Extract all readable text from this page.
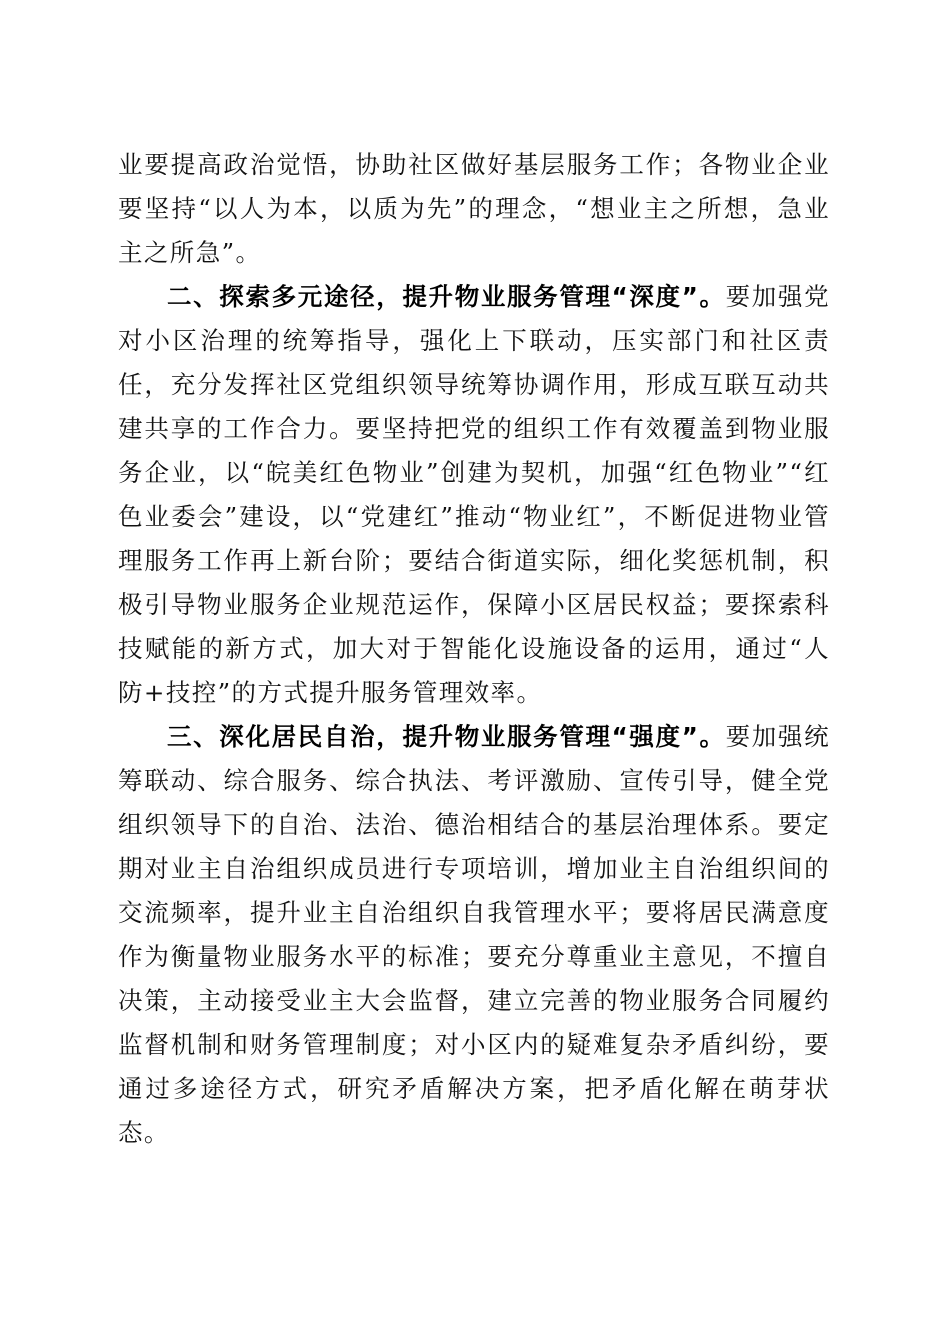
业要提高政治觉悟，协助社区做好基层服务工作；各物业企业要坚持“以人为本，以质为先”的理念，“想业主之所想，急业主之所急”。

二、探索多元途径，提升物业服务管理“深度”。要加强党对小区治理的统筹指导，强化上下联动，压实部门和社区责任，充分发挥社区党组织领导统筹协调作用，形成互联互动共建共享的工作合力。要坚持把党的组织工作有效覆盖到物业服务企业，以“皖美红色物业”创建为契机，加强“红色物业”“红色业委会”建设，以“党建红”推动“物业红”，不断促进物业管理服务工作再上新台阶；要结合街道实际，细化奖惩机制，积极引导物业服务企业规范运作，保障小区居民权益；要探索科技赋能的新方式，加大对于智能化设施设备的运用，通过“人防+技控”的方式提升服务管理效率。

三、深化居民自治，提升物业服务管理“强度”。要加强统筹联动、综合服务、综合执法、考评激励、宣传引导，健全党组织领导下的自治、法治、德治相结合的基层治理体系。要定期对业主自治组织成员进行专项培训，增加业主自治组织间的交流频率，提升业主自治组织自我管理水平；要将居民满意度作为衡量物业服务水平的标准；要充分尊重业主意见，不擅自决策，主动接受业主大会监督，建立完善的物业服务合同履约监督机制和财务管理制度；对小区内的疑难复杂矛盾纠纷，要通过多途径方式，研究矛盾解决方案，把矛盾化解在萌芽状态。
